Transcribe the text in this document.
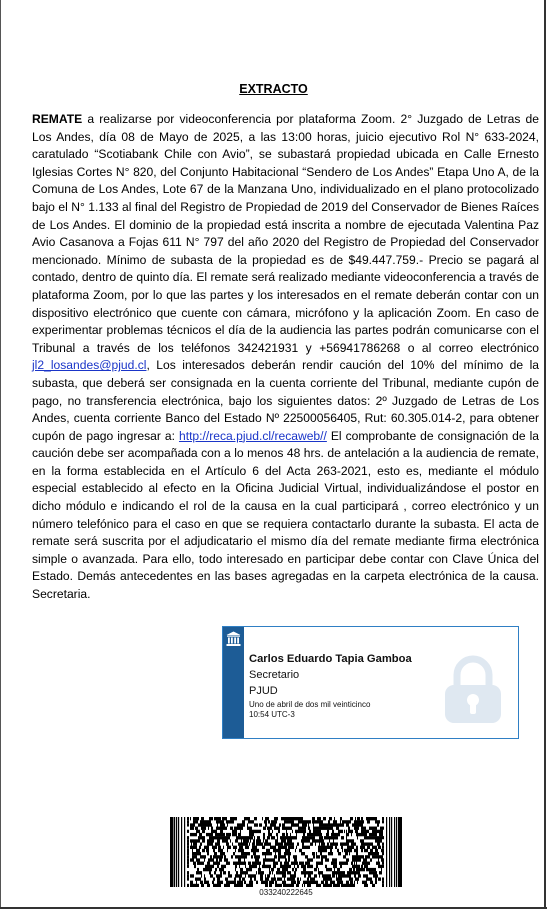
EXTRACTO
REMATE a realizarse por videoconferencia por plataforma Zoom. 2° Juzgado de Letras de Los Andes, día 08 de Mayo de 2025, a las 13:00 horas, juicio ejecutivo Rol N° 633-2024, caratulado “Scotiabank Chile con Avio”, se subastará propiedad ubicada en Calle Ernesto Iglesias Cortes N° 820, del Conjunto Habitacional “Sendero de Los Andes” Etapa Uno A, de la Comuna de Los Andes, Lote 67 de la Manzana Uno, individualizado en el plano protocolizado bajo el N° 1.133 al final del Registro de Propiedad de 2019 del Conservador de Bienes Raíces de Los Andes. El dominio de la propiedad está inscrita a nombre de ejecutada Valentina Paz Avio Casanova a Fojas 611 N° 797 del año 2020 del Registro de Propiedad del Conservador mencionado. Mínimo de subasta de la propiedad es de $49.447.759.- Precio se pagará al contado, dentro de quinto día. El remate será realizado mediante videoconferencia a través de plataforma Zoom, por lo que las partes y los interesados en el remate deberán contar con un dispositivo electrónico que cuente con cámara, micrófono y la aplicación Zoom. En caso de experimentar problemas técnicos el día de la audiencia las partes podrán comunicarse con el Tribunal a través de los teléfonos 342421931 y +56941786268 o al correo electrónico jl2_losandes@pjud.cl, Los interesados deberán rendir caución del 10% del mínimo de la subasta, que deberá ser consignada en la cuenta corriente del Tribunal, mediante cupón de pago, no transferencia electrónica, bajo los siguientes datos: 2º Juzgado de Letras de Los Andes, cuenta corriente Banco del Estado Nº 22500056405, Rut: 60.305.014-2, para obtener cupón de pago ingresar a: http://reca.pjud.cl/recaweb// El comprobante de consignación de la caución debe ser acompañada con a lo menos 48 hrs. de antelación a la audiencia de remate, en la forma establecida en el Artículo 6 del Acta 263-2021, esto es, mediante el módulo especial establecido al efecto en la Oficina Judicial Virtual, individualizándose el postor en dicho módulo e indicando el rol de la causa en la cual participará , correo electrónico y un número telefónico para el caso en que se requiera contactarlo durante la subasta. El acta de remate será suscrita por el adjudicatario el mismo día del remate mediante firma electrónica simple o avanzada. Para ello, todo interesado en participar debe contar con Clave Única del Estado. Demás antecedentes en las bases agregadas en la carpeta electrónica de la causa. Secretaria.
Carlos Eduardo Tapia Gamboa
Secretario
PJUD
Uno de abril de dos mil veinticinco
10:54 UTC-3
033240222645
